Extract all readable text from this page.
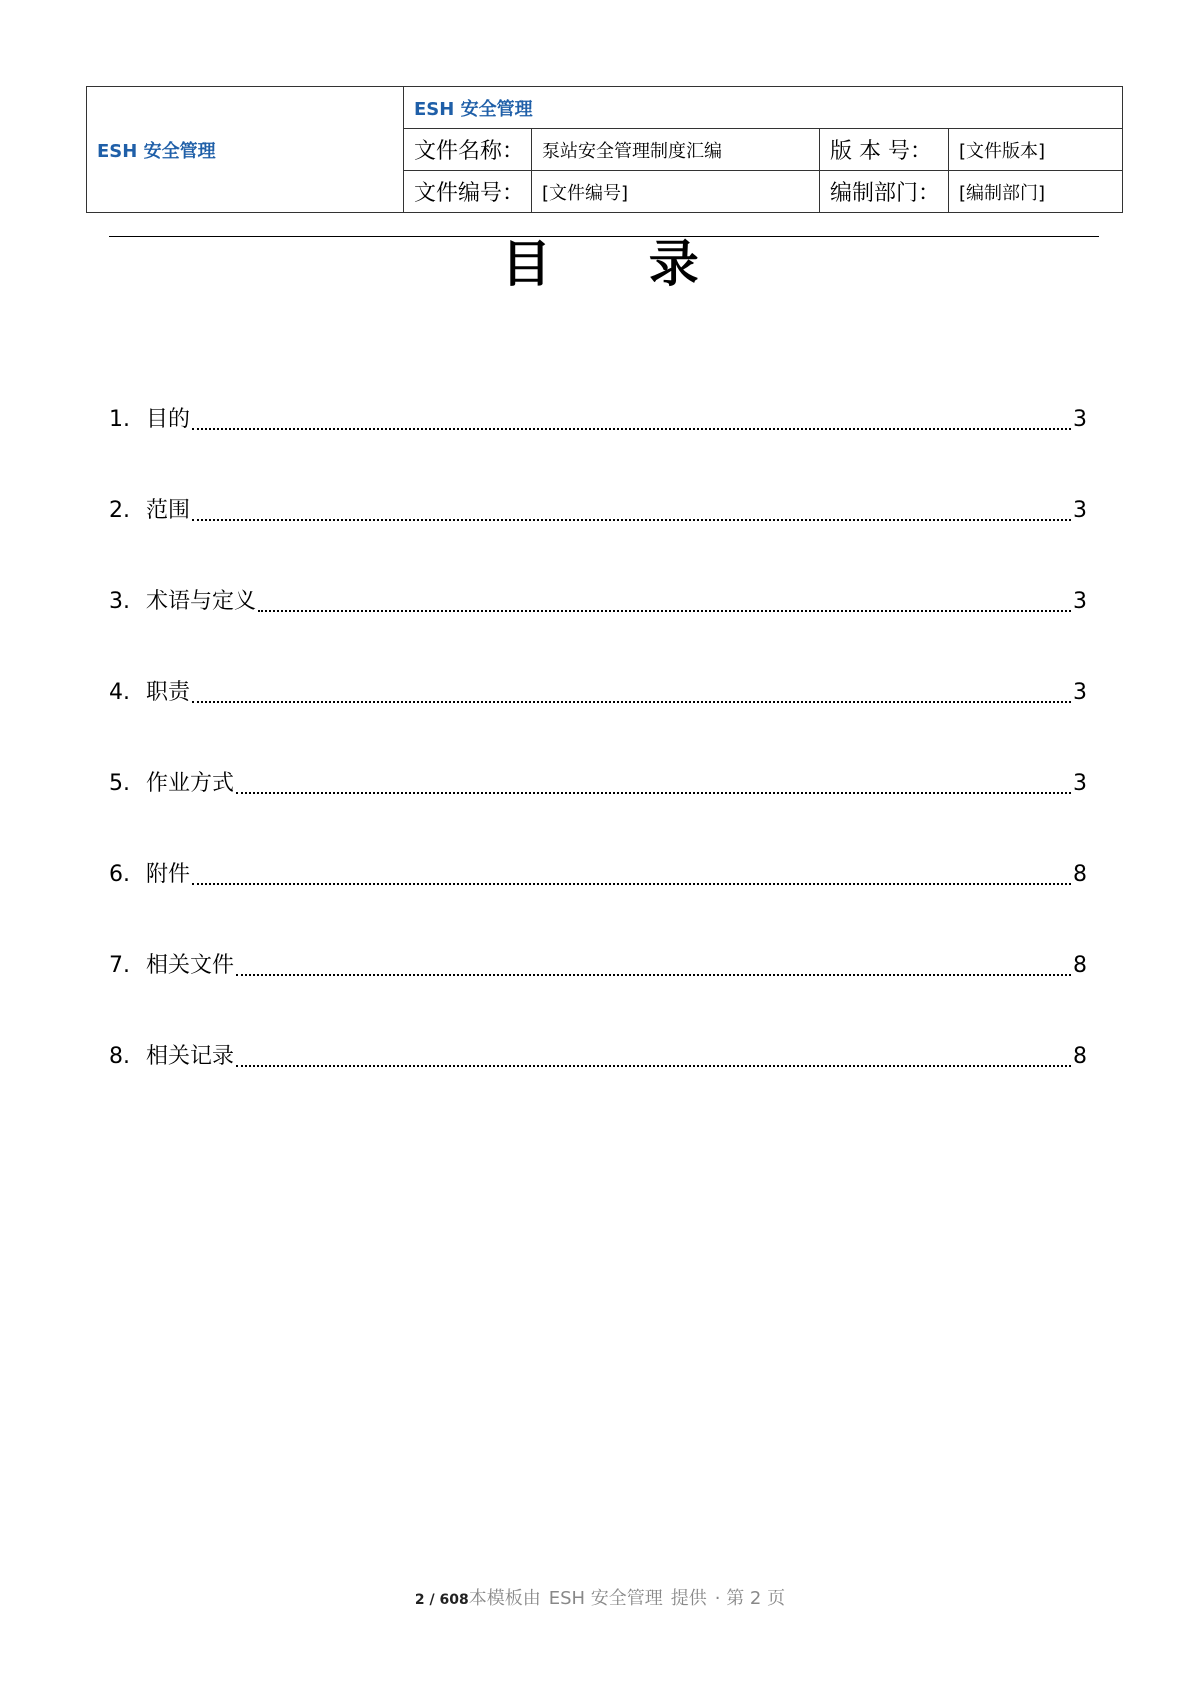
ESH 安全管理	ESH 安全管理			
	文件名称：	泵站安全管理制度汇编	版 本 号：	[文件版本]
	文件编号：	[文件编号]	编制部门：	[编制部门]
目 录
1. 目的	3
2. 范围	3
3. 术语与定义	3
4. 职责	3
5. 作业方式	3
6. 附件	8
7. 相关文件	8
8. 相关记录	8
2 / 608本模板由 ESH 安全管理 提供 · 第 2 页
